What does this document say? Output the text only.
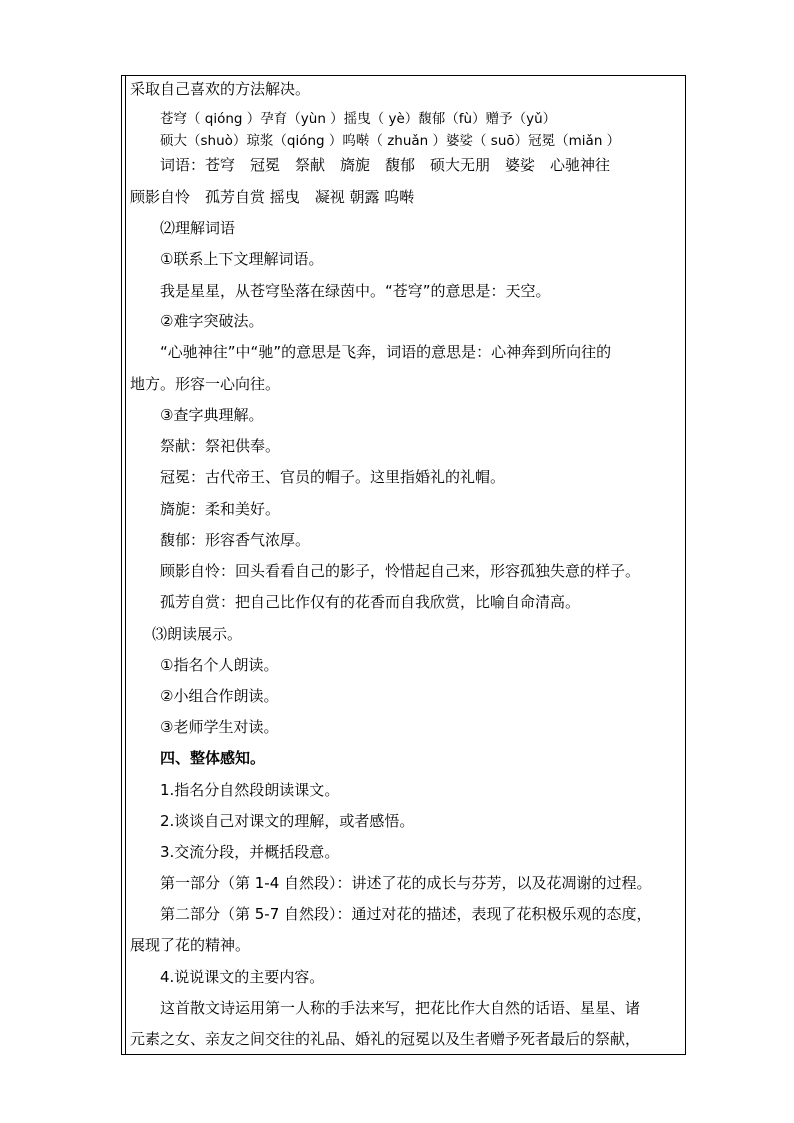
采取自己喜欢的方法解决。
苍穹（ qióng ）孕育（yùn ）摇曳（ yè）馥郁（fù）赠予（yǔ）
硕大（shuò）琼浆（qióng ）呜啭（ zhuǎn ）婆娑（ suō）冠冕（miǎn ）
词语：苍穹　冠冕　祭献　旖旎　馥郁　硕大无朋　婆娑　心驰神往
顾影自怜　孤芳自赏 摇曳　凝视 朝露 呜啭
⑵理解词语
①联系上下文理解词语。
我是星星，从苍穹坠落在绿茵中。“苍穹”的意思是：天空。
②难字突破法。
“心驰神往”中“驰”的意思是飞奔，词语的意思是：心神奔到所向往的
地方。形容一心向往。
③查字典理解。
祭献：祭祀供奉。
冠冕：古代帝王、官员的帽子。这里指婚礼的礼帽。
旖旎：柔和美好。
馥郁：形容香气浓厚。
顾影自怜：回头看看自己的影子，怜惜起自己来，形容孤独失意的样子。
孤芳自赏：把自己比作仅有的花香而自我欣赏，比喻自命清高。
⑶朗读展示。
①指名个人朗读。
②小组合作朗读。
③老师学生对读。
四、整体感知。
1.指名分自然段朗读课文。
2.谈谈自己对课文的理解，或者感悟。
3.交流分段，并概括段意。
第一部分（第 1-4 自然段）：讲述了花的成长与芬芳，以及花凋谢的过程。
第二部分（第 5-7 自然段）：通过对花的描述，表现了花积极乐观的态度，
展现了花的精神。
4.说说课文的主要内容。
这首散文诗运用第一人称的手法来写，把花比作大自然的话语、星星、诸
元素之女、亲友之间交往的礼品、婚礼的冠冕以及生者赠予死者最后的祭献，
